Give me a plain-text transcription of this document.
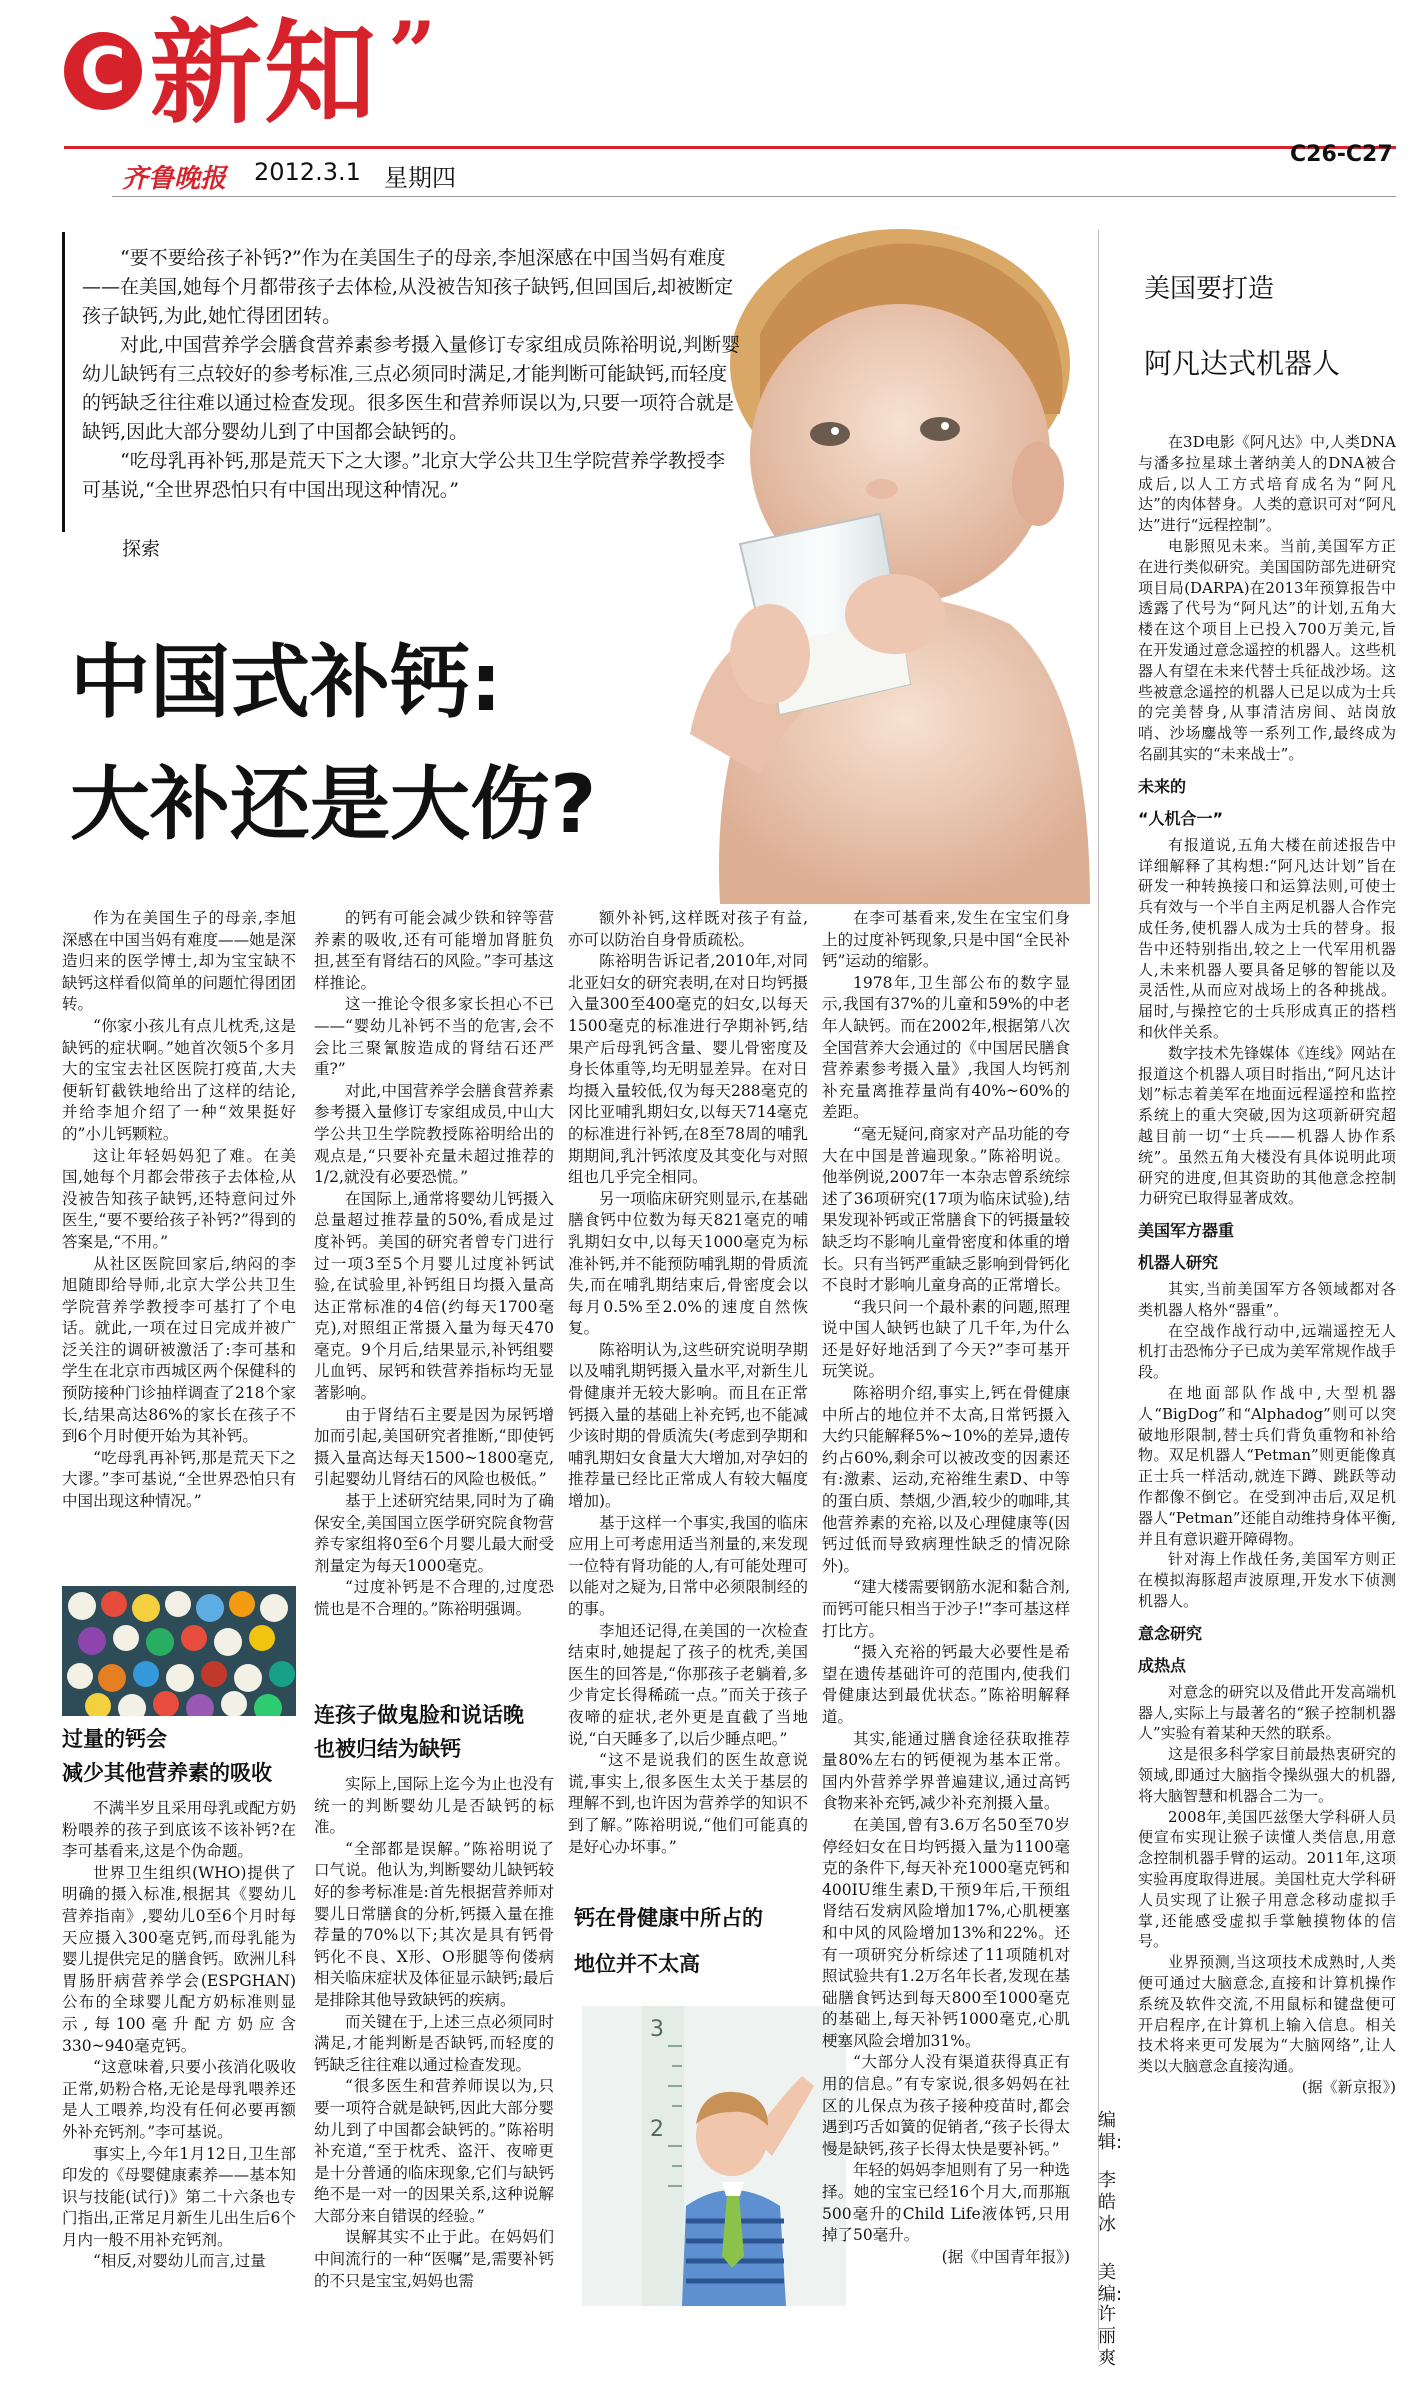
C 新知 ”
齐鲁晚报 2012.3.1 星期四
C26-C27

“要不要给孩子补钙?”作为在美国生子的母亲,李旭深感在中国当妈有难度——在美国,她每个月都带孩子去体检,从没被告知孩子缺钙,但回国后,却被断定孩子缺钙,为此,她忙得团团转。

对此,中国营养学会膳食营养素参考摄入量修订专家组成员陈裕明说,判断婴幼儿缺钙有三点较好的参考标准,三点必须同时满足,才能判断可能缺钙,而轻度的钙缺乏往往难以通过检查发现。很多医生和营养师误以为,只要一项符合就是缺钙,因此大部分婴幼儿到了中国都会缺钙的。

“吃母乳再补钙,那是荒天下之大谬。”北京大学公共卫生学院营养学教授李可基说,“全世界恐怕只有中国出现这种情况。”

探索
中国式补钙:
大补还是大伤?

作为在美国生子的母亲,李旭深感在中国当妈有难度——她是深造归来的医学博士,却为宝宝缺不缺钙这样看似简单的问题忙得团团转。

“你家小孩儿有点儿枕秃,这是缺钙的症状啊。”她首次领5个多月大的宝宝去社区医院打疫苗,大夫便斩钉截铁地给出了这样的结论,并给李旭介绍了一种“效果挺好的”小儿钙颗粒。

这让年轻妈妈犯了难。在美国,她每个月都会带孩子去体检,从没被告知孩子缺钙,还特意问过外医生,“要不要给孩子补钙?”得到的答案是,“不用。”

从社区医院回家后,纳闷的李旭随即给导师,北京大学公共卫生学院营养学教授李可基打了个电话。就此,一项在过日完成并被广泛关注的调研被激活了:李可基和学生在北京市西城区两个保健科的预防接种门诊抽样调查了218个家长,结果高达86%的家长在孩子不到6个月时便开始为其补钙。

“吃母乳再补钙,那是荒天下之大谬。”李可基说,“全世界恐怕只有中国出现这种情况。”

过量的钙会

减少其他营养素的吸收

不满半岁且采用母乳或配方奶粉喂养的孩子到底该不该补钙?在李可基看来,这是个伪命题。

世界卫生组织(WHO)提供了明确的摄入标准,根据其《婴幼儿营养指南》,婴幼儿0至6个月时每天应摄入300毫克钙,而母乳能为婴儿提供完足的膳食钙。欧洲儿科胃肠肝病营养学会(ESPGHAN)公布的全球婴儿配方奶标准则显示,每100毫升配方奶应含330~940毫克钙。

“这意味着,只要小孩消化吸收正常,奶粉合格,无论是母乳喂养还是人工喂养,均没有任何必要再额外补充钙剂。”李可基说。

事实上,今年1月12日,卫生部印发的《母婴健康素养——基本知识与技能(试行)》第二十六条也专门指出,正常足月新生儿出生后6个月内一般不用补充钙剂。

“相反,对婴幼儿而言,过量

的钙有可能会减少铁和锌等营养素的吸收,还有可能增加肾脏负担,甚至有肾结石的风险。”李可基这样推论。

这一推论令很多家长担心不已——“婴幼儿补钙不当的危害,会不会比三聚氰胺造成的肾结石还严重?”

对此,中国营养学会膳食营养素参考摄入量修订专家组成员,中山大学公共卫生学院教授陈裕明给出的观点是,“只要补充量未超过推荐的1/2,就没有必要恐慌。”

在国际上,通常将婴幼儿钙摄入总量超过推荐量的50%,看成是过度补钙。美国的研究者曾专门进行过一项3至5个月婴儿过度补钙试验,在试验里,补钙组日均摄入量高达正常标准的4倍(约每天1700毫克),对照组正常摄入量为每天470毫克。9个月后,结果显示,补钙组婴儿血钙、尿钙和铁营养指标均无显著影响。

由于肾结石主要是因为尿钙增加而引起,美国研究者推断,“即使钙摄入量高达每天1500~1800毫克,引起婴幼儿肾结石的风险也极低。”

基于上述研究结果,同时为了确保安全,美国国立医学研究院食物营养专家组将0至6个月婴儿最大耐受剂量定为每天1000毫克。

“过度补钙是不合理的,过度恐慌也是不合理的。”陈裕明强调。

连孩子做鬼脸和说话晚

也被归结为缺钙

实际上,国际上迄今为止也没有统一的判断婴幼儿是否缺钙的标准。

“全部都是误解。”陈裕明说了口气说。他认为,判断婴幼儿缺钙较好的参考标准是:首先根据营养师对婴儿日常膳食的分析,钙摄入量在推荐量的70%以下;其次是具有钙骨钙化不良、X形、O形腿等佝偻病相关临床症状及体征显示缺钙;最后是排除其他导致缺钙的疾病。

而关键在于,上述三点必须同时满足,才能判断是否缺钙,而轻度的钙缺乏往往难以通过检查发现。

“很多医生和营养师误以为,只要一项符合就是缺钙,因此大部分婴幼儿到了中国都会缺钙的。”陈裕明补充道,“至于枕秃、盗汗、夜啼更是十分普通的临床现象,它们与缺钙绝不是一对一的因果关系,这种说解大部分来自错误的经验。”

误解其实不止于此。在妈妈们中间流行的一种“医嘱”是,需要补钙的不只是宝宝,妈妈也需

额外补钙,这样既对孩子有益,亦可以防治自身骨质疏松。

陈裕明告诉记者,2010年,对同北亚妇女的研究表明,在对日均钙摄入量300至400毫克的妇女,以每天1500毫克的标准进行孕期补钙,结果产后母乳钙含量、婴儿骨密度及身长体重等,均无明显差异。在对日均摄入量较低,仅为每天288毫克的冈比亚哺乳期妇女,以每天714毫克的标准进行补钙,在8至78周的哺乳期期间,乳汁钙浓度及其变化与对照组也几乎完全相同。

另一项临床研究则显示,在基础膳食钙中位数为每天821毫克的哺乳期妇女中,以每天1000毫克为标准补钙,并不能预防哺乳期的骨质流失,而在哺乳期结束后,骨密度会以每月0.5%至2.0%的速度自然恢复。

陈裕明认为,这些研究说明孕期以及哺乳期钙摄入量水平,对新生儿骨健康并无较大影响。而且在正常钙摄入量的基础上补充钙,也不能减少该时期的骨质流失(考虑到孕期和哺乳期妇女食量大大增加,对孕妇的推荐量已经比正常成人有较大幅度增加)。

基于这样一个事实,我国的临床应用上可考虑用适当剂量的,来发现一位特有肾功能的人,有可能处理可以能对之疑为,日常中必须限制经的的事。

李旭还记得,在美国的一次检查结束时,她提起了孩子的枕秃,美国医生的回答是,“你那孩子老躺着,多少肯定长得稀疏一点。”而关于孩子夜啼的症状,老外更是直截了当地说,“白天睡多了,以后少睡点吧。”

“这不是说我们的医生故意说谎,事实上,很多医生太关于基层的理解不到,也许因为营养学的知识不到了解。”陈裕明说,“他们可能真的是好心办坏事。”

钙在骨健康中所占的
地位并不太高
3
2

在李可基看来,发生在宝宝们身上的过度补钙现象,只是中国“全民补钙”运动的缩影。

1978年,卫生部公布的数字显示,我国有37%的儿童和59%的中老年人缺钙。而在2002年,根据第八次全国营养大会通过的《中国居民膳食营养素参考摄入量》,我国人均钙剂补充量离推荐量尚有40%~60%的差距。

“毫无疑问,商家对产品功能的夸大在中国是普遍现象。”陈裕明说。他举例说,2007年一本杂志曾系统综述了36项研究(17项为临床试验),结果发现补钙或正常膳食下的钙摄量较缺乏均不影响儿童骨密度和体重的增长。只有当钙严重缺乏影响到骨钙化不良时才影响儿童身高的正常增长。

“我只问一个最朴素的问题,照理说中国人缺钙也缺了几千年,为什么还是好好地活到了今天?”李可基开玩笑说。

陈裕明介绍,事实上,钙在骨健康中所占的地位并不太高,日常钙摄入大约只能解释5%~10%的差异,遗传约占60%,剩余可以被改变的因素还有:激素、运动,充裕维生素D、中等的蛋白质、禁烟,少酒,较少的咖啡,其他营养素的充裕,以及心理健康等(因钙过低而导致病理性缺乏的情况除外)。

“建大楼需要钢筋水泥和黏合剂,而钙可能只相当于沙子!”李可基这样打比方。

“摄入充裕的钙最大必要性是希望在遗传基础许可的范围内,使我们骨健康达到最优状态。”陈裕明解释道。

其实,能通过膳食途径获取推荐量80%左右的钙便视为基本正常。国内外营养学界普遍建议,通过高钙食物来补充钙,减少补充剂摄入量。

在美国,曾有3.6万名50至70岁停经妇女在日均钙摄入量为1100毫克的条件下,每天补充1000毫克钙和400IU维生素D,干预9年后,干预组肾结石发病风险增加17%,心肌梗塞和中风的风险增加13%和22%。还有一项研究分析综述了11项随机对照试验共有1.2万名年长者,发现在基础膳食钙达到每天800至1000毫克的基础上,每天补钙1000毫克,心肌梗塞风险会增加31%。

“大部分人没有渠道获得真正有用的信息。”有专家说,很多妈妈在社区的儿保点为孩子接种疫苗时,都会遇到巧舌如簧的促销者,“孩子长得太慢是缺钙,孩子长得太快是要补钙。”

年轻的妈妈李旭则有了另一种选择。她的宝宝已经16个月大,而那瓶500毫升的Child Life液体钙,只用掉了50毫升。

(据《中国青年报》)

美国要打造
阿凡达式机器人

在3D电影《阿凡达》中,人类DNA与潘多拉星球土著纳美人的DNA被合成后,以人工方式培育成名为“阿凡达”的肉体替身。人类的意识可对“阿凡达”进行“远程控制”。

电影照见未来。当前,美国军方正在进行类似研究。美国国防部先进研究项目局(DARPA)在2013年预算报告中透露了代号为“阿凡达”的计划,五角大楼在这个项目上已投入700万美元,旨在开发通过意念遥控的机器人。这些机器人有望在未来代替士兵征战沙场。这些被意念遥控的机器人已足以成为士兵的完美替身,从事清洁房间、站岗放哨、沙场鏖战等一系列工作,最终成为名副其实的“未来战士”。

未来的

“人机合一”

有报道说,五角大楼在前述报告中详细解释了其构想:“阿凡达计划”旨在研发一种转换接口和运算法则,可使士兵有效与一个半自主两足机器人合作完成任务,使机器人成为士兵的替身。报告中还特别指出,较之上一代军用机器人,未来机器人要具备足够的智能以及灵活性,从而应对战场上的各种挑战。届时,与操控它的士兵形成真正的搭档和伙伴关系。

数字技术先锋媒体《连线》网站在报道这个机器人项目时指出,“阿凡达计划”标志着美军在地面远程遥控和监控系统上的重大突破,因为这项新研究超越目前一切“士兵——机器人协作系统”。虽然五角大楼没有具体说明此项研究的进度,但其资助的其他意念控制力研究已取得显著成效。

美国军方器重

机器人研究

其实,当前美国军方各领域都对各类机器人格外“器重”。

在空战作战行动中,远端遥控无人机打击恐怖分子已成为美军常规作战手段。

在地面部队作战中,大型机器人“BigDog”和“Alphadog”则可以突破地形限制,替士兵们背负重物和补给物。双足机器人“Petman”则更能像真正士兵一样活动,就连下蹲、跳跃等动作都像不倒它。在受到冲击后,双足机器人“Petman”还能自动维持身体平衡,并且有意识避开障碍物。

针对海上作战任务,美国军方则正在模拟海豚超声波原理,开发水下侦测机器人。

意念研究

成热点

对意念的研究以及借此开发高端机器人,实际上与最著名的“猴子控制机器人”实验有着某种天然的联系。

这是很多科学家目前最热衷研究的领域,即通过大脑指令操纵强大的机器,将大脑智慧和机器合二为一。

2008年,美国匹兹堡大学科研人员便宣布实现让猴子读懂人类信息,用意念控制机器手臂的运动。2011年,这项实验再度取得进展。美国杜克大学科研人员实现了让猴子用意念移动虚拟手掌,还能感受虚拟手掌触摸物体的信号。

业界预测,当这项技术成熟时,人类便可通过大脑意念,直接和计算机操作系统及软件交流,不用鼠标和键盘便可开启程序,在计算机上输入信息。相关技术将来更可发展为“大脑网络”,让人类以大脑意念直接沟通。

(据《新京报》)

编辑:
李皓冰
美编:
许丽爽
